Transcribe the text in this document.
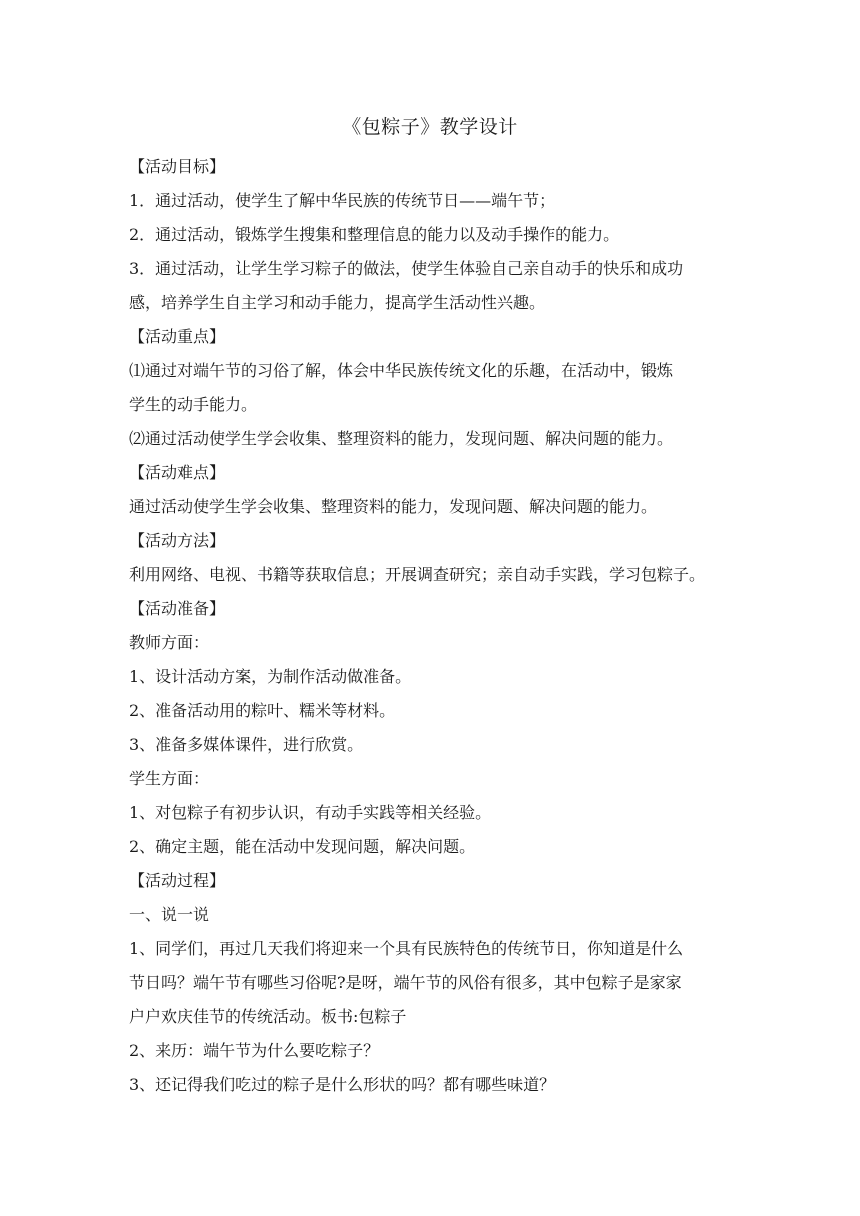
《包粽子》教学设计
【活动目标】
1．通过活动，使学生了解中华民族的传统节日——端午节；
2．通过活动，锻炼学生搜集和整理信息的能力以及动手操作的能力。
3．通过活动，让学生学习粽子的做法，使学生体验自己亲自动手的快乐和成功
感，培养学生自主学习和动手能力，提高学生活动性兴趣。
【活动重点】
⑴通过对端午节的习俗了解，体会中华民族传统文化的乐趣，在活动中，锻炼
学生的动手能力。
⑵通过活动使学生学会收集、整理资料的能力，发现问题、解决问题的能力。
【活动难点】
通过活动使学生学会收集、整理资料的能力，发现问题、解决问题的能力。
【活动方法】
利用网络、电视、书籍等获取信息；开展调查研究；亲自动手实践，学习包粽子。
【活动准备】
教师方面：
1、设计活动方案，为制作活动做准备。
2、准备活动用的粽叶、糯米等材料。
3、准备多媒体课件，进行欣赏。
学生方面：
1、对包粽子有初步认识，有动手实践等相关经验。
2、确定主题，能在活动中发现问题，解决问题。
【活动过程】
一、说一说
1、同学们，再过几天我们将迎来一个具有民族特色的传统节日，你知道是什么
节日吗？端午节有哪些习俗呢?是呀，端午节的风俗有很多，其中包粽子是家家
户户欢庆佳节的传统活动。板书:包粽子
2、来历：端午节为什么要吃粽子？
3、还记得我们吃过的粽子是什么形状的吗？都有哪些味道？
